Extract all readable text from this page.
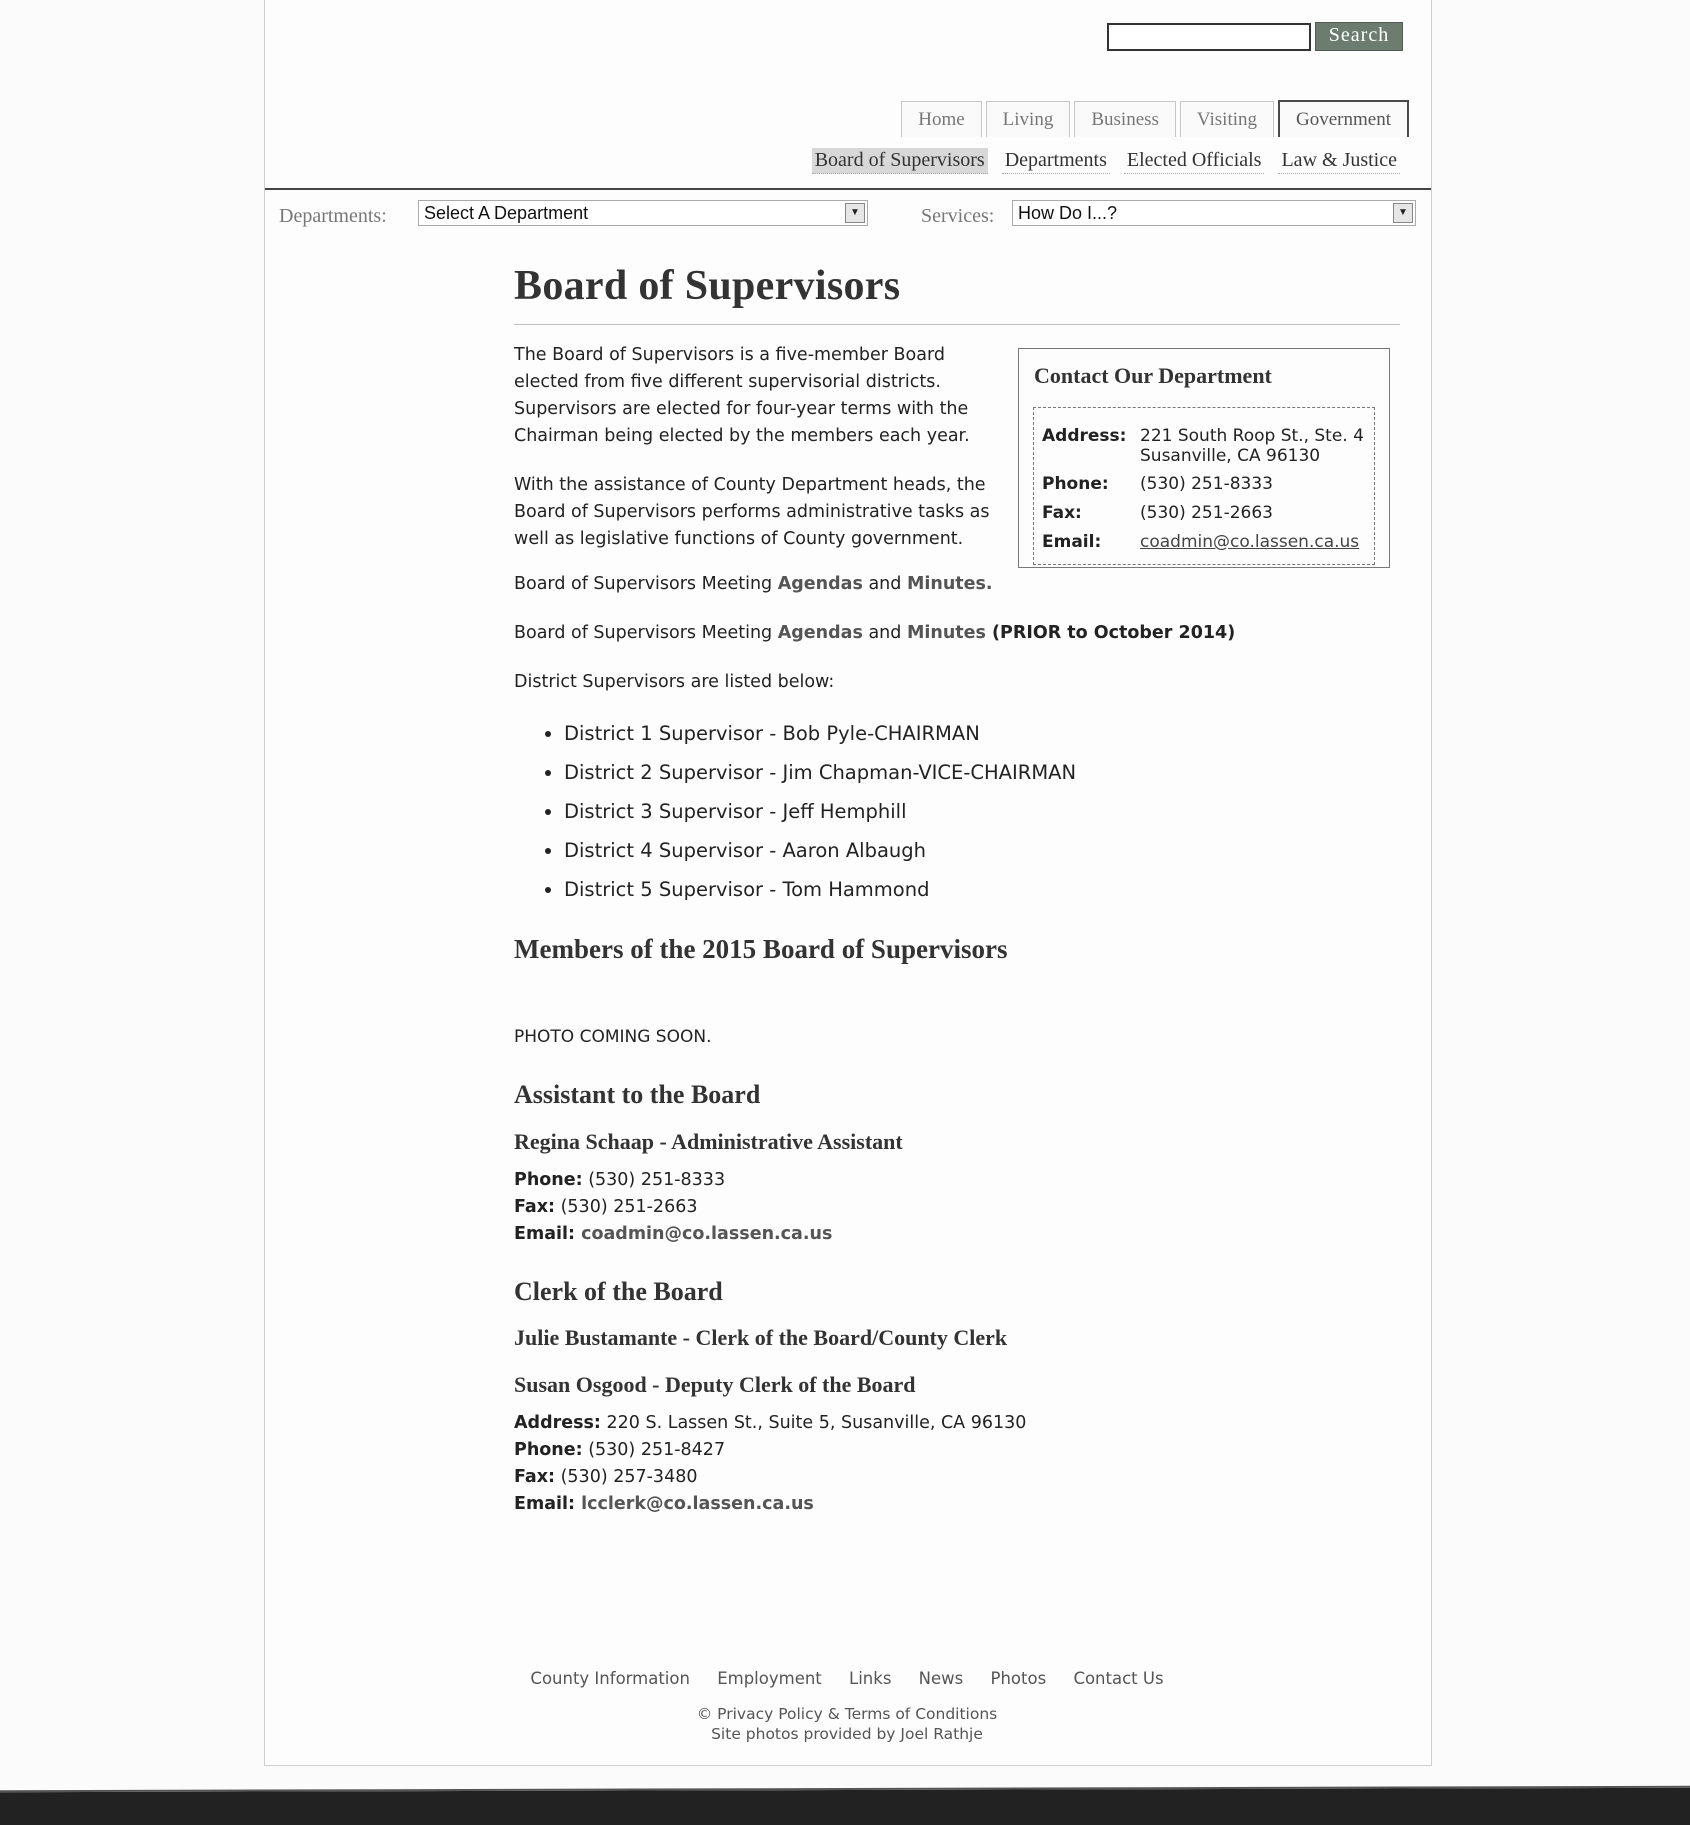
Search
Home	Living	Business	Visiting	Government
Board of Supervisors Departments Elected Officials Law & Justice
Departments:	Select A Department	▼	Services:	How Do I...?	▼
Board of Supervisors

The Board of Supervisors is a five-member Board elected from five different supervisorial districts. Supervisors are elected for four-year terms with the Chairman being elected by the members each year.

With the assistance of County Department heads, the Board of Supervisors performs administrative tasks as well as legislative functions of County government.

Contact Our Department
Address: 221 South Roop St., Ste. 4
Susanville, CA 96130
Phone:	(530) 251-8333
Fax:	(530) 251-2663
Email:	coadmin@co.lassen.ca.us
Board of Supervisors Meeting Agendas and Minutes.
Board of Supervisors Meeting Agendas and Minutes (PRIOR to October 2014)
District Supervisors are listed below:
• District 1 Supervisor - Bob Pyle-CHAIRMAN
• District 2 Supervisor - Jim Chapman-VICE-CHAIRMAN
• District 3 Supervisor - Jeff Hemphill
• District 4 Supervisor - Aaron Albaugh
• District 5 Supervisor - Tom Hammond
Members of the 2015 Board of Supervisors
PHOTO COMING SOON.
Assistant to the Board
Regina Schaap - Administrative Assistant
Phone: (530) 251-8333
Fax: (530) 251-2663
Email: coadmin@co.lassen.ca.us
Clerk of the Board
Julie Bustamante - Clerk of the Board/County Clerk
Susan Osgood - Deputy Clerk of the Board
Address: 220 S. Lassen St., Suite 5, Susanville, CA 96130
Phone: (530) 251-8427
Fax: (530) 257-3480
Email: lcclerk@co.lassen.ca.us
County Information Employment Links News Photos Contact Us
© Privacy Policy & Terms of Conditions
Site photos provided by Joel Rathje
